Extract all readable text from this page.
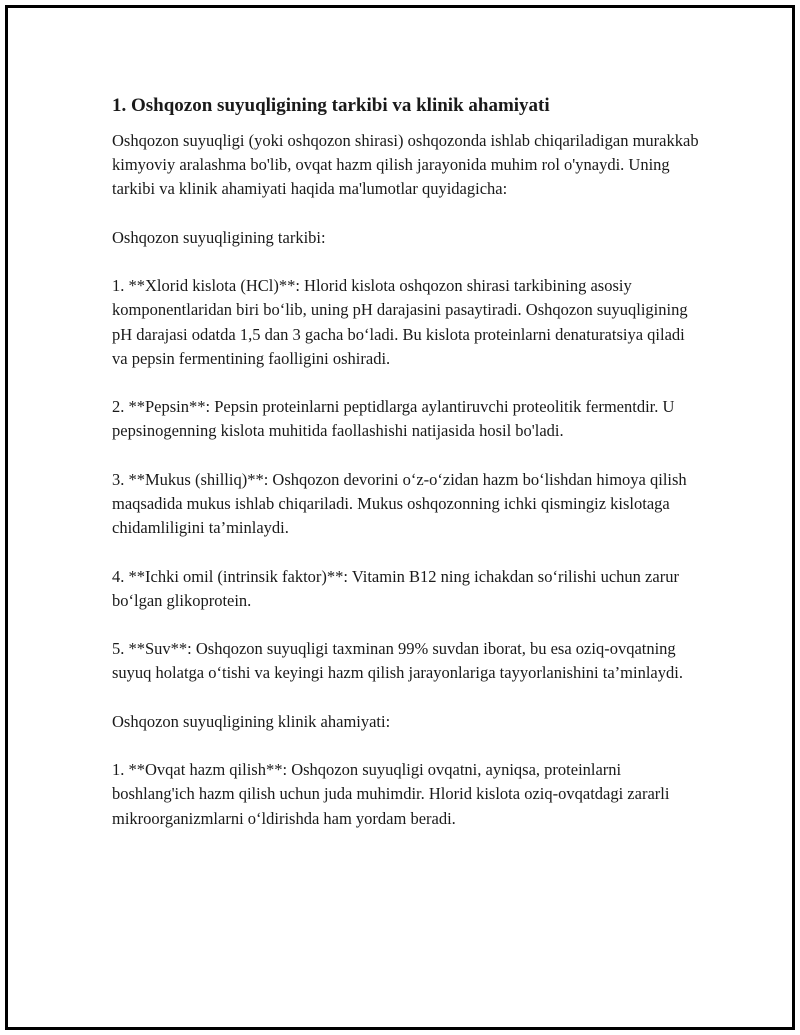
1. Oshqozon suyuqligining tarkibi va klinik ahamiyati

Oshqozon suyuqligi (yoki oshqozon shirasi) oshqozonda ishlab chiqariladigan murakkab kimyoviy aralashma bo'lib, ovqat hazm qilish jarayonida muhim rol o'ynaydi. Uning tarkibi va klinik ahamiyati haqida ma'lumotlar quyidagicha:

Oshqozon suyuqligining tarkibi:

1. **Xlorid kislota (HCl)**: Hlorid kislota oshqozon shirasi tarkibining asosiy komponentlaridan biri bo‘lib, uning pH darajasini pasaytiradi. Oshqozon suyuqligining pH darajasi odatda 1,5 dan 3 gacha bo‘ladi. Bu kislota proteinlarni denaturatsiya qiladi va pepsin fermentining faolligini oshiradi.

2. **Pepsin**: Pepsin proteinlarni peptidlarga aylantiruvchi proteolitik fermentdir. U pepsinogenning kislota muhitida faollashishi natijasida hosil bo'ladi.

3. **Mukus (shilliq)**: Oshqozon devorini o‘z-o‘zidan hazm bo‘lishdan himoya qilish maqsadida mukus ishlab chiqariladi. Mukus oshqozonning ichki qismingiz kislotaga chidamliligini ta’minlaydi.

4. **Ichki omil (intrinsik faktor)**: Vitamin B12 ning ichakdan so‘rilishi uchun zarur bo‘lgan glikoprotein.

5. **Suv**: Oshqozon suyuqligi taxminan 99% suvdan iborat, bu esa oziq-ovqatning suyuq holatga o‘tishi va keyingi hazm qilish jarayonlariga tayyorlanishini ta’minlaydi.

Oshqozon suyuqligining klinik ahamiyati:

1. **Ovqat hazm qilish**: Oshqozon suyuqligi ovqatni, ayniqsa, proteinlarni boshlang'ich hazm qilish uchun juda muhimdir. Hlorid kislota oziq-ovqatdagi zararli mikroorganizmlarni o‘ldirishda ham yordam beradi.
